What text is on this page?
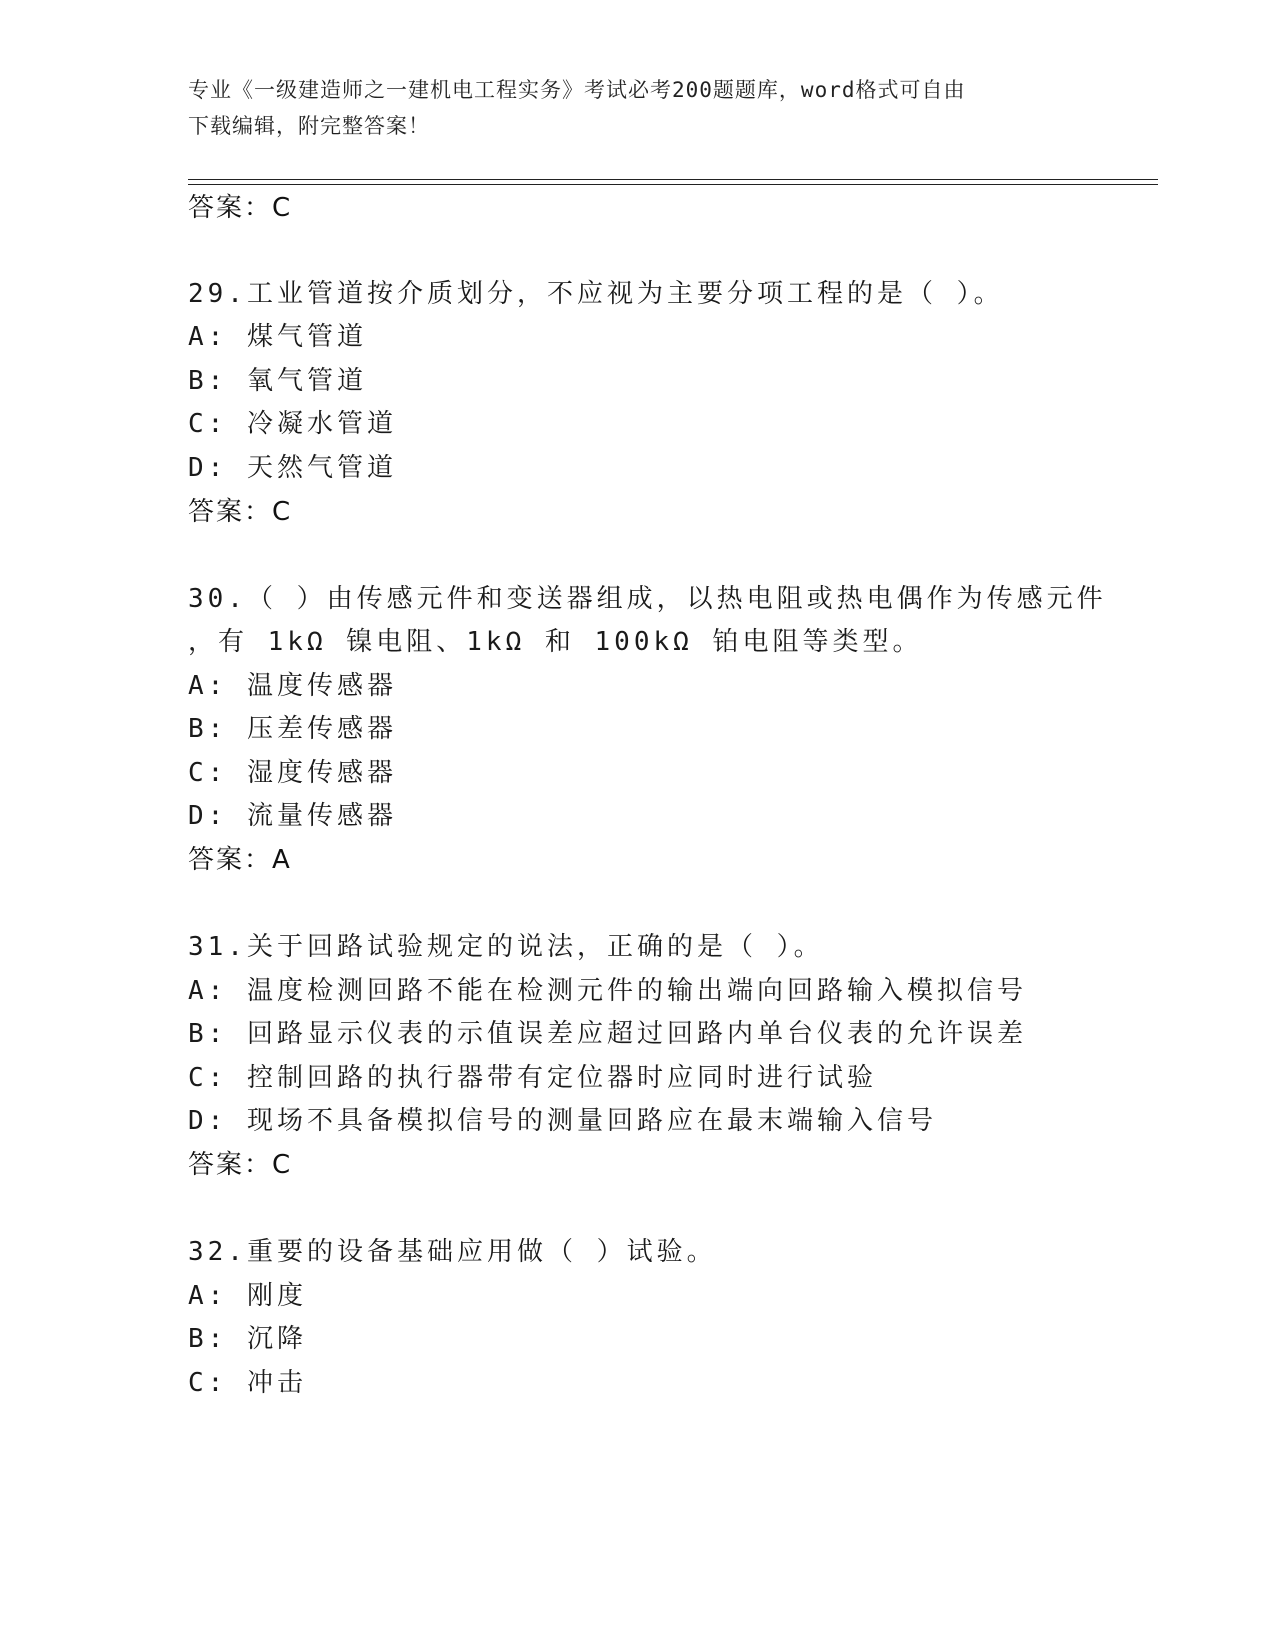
专业《一级建造师之一建机电工程实务》考试必考200题题库，word格式可自由
下载编辑，附完整答案！
答案：C
29.工业管道按介质划分，不应视为主要分项工程的是（ ）。
A: 煤气管道
B: 氧气管道
C: 冷凝水管道
D: 天然气管道
答案：C
30.（ ）由传感元件和变送器组成，以热电阻或热电偶作为传感元件
，有 1kΩ 镍电阻、1kΩ 和 100kΩ 铂电阻等类型。
A: 温度传感器
B: 压差传感器
C: 湿度传感器
D: 流量传感器
答案：A
31.关于回路试验规定的说法，正确的是（ ）。
A: 温度检测回路不能在检测元件的输出端向回路输入模拟信号
B: 回路显示仪表的示值误差应超过回路内单台仪表的允许误差
C: 控制回路的执行器带有定位器时应同时进行试验
D: 现场不具备模拟信号的测量回路应在最末端输入信号
答案：C
32.重要的设备基础应用做（ ）试验。
A: 刚度
B: 沉降
C: 冲击
